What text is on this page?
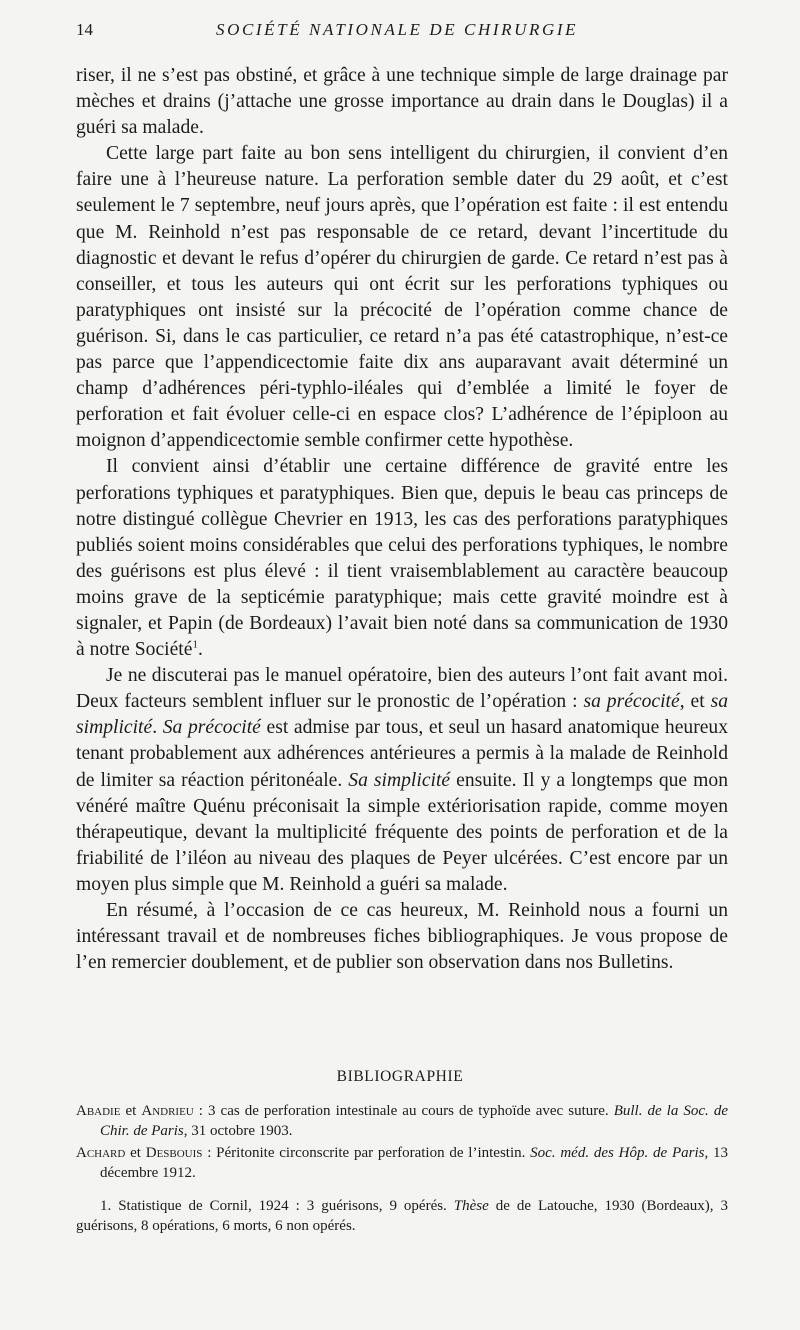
14	SOCIÉTÉ NATIONALE DE CHIRURGIE

riser, il ne s’est pas obstiné, et grâce à une technique simple de large drainage par mèches et drains (j’attache une grosse importance au drain dans le Douglas) il a guéri sa malade.

Cette large part faite au bon sens intelligent du chirurgien, il convient d’en faire une à l’heureuse nature. La perforation semble dater du 29 août, et c’est seulement le 7 septembre, neuf jours après, que l’opération est faite : il est entendu que M. Reinhold n’est pas responsable de ce retard, devant l’incertitude du diagnostic et devant le refus d’opérer du chirurgien de garde. Ce retard n’est pas à conseiller, et tous les auteurs qui ont écrit sur les perforations typhiques ou paratyphiques ont insisté sur la précocité de l’opération comme chance de guérison. Si, dans le cas particulier, ce retard n’a pas été catastrophique, n’est-ce pas parce que l’appendicectomie faite dix ans auparavant avait déterminé un champ d’adhérences péri-typhlo-iléales qui d’emblée a limité le foyer de perforation et fait évoluer celle-ci en espace clos? L’adhérence de l’épiploon au moignon d’appendicectomie semble confirmer cette hypothèse.

Il convient ainsi d’établir une certaine différence de gravité entre les perforations typhiques et paratyphiques. Bien que, depuis le beau cas princeps de notre distingué collègue Chevrier en 1913, les cas des perforations paratyphiques publiés soient moins considérables que celui des perforations typhiques, le nombre des guérisons est plus élevé : il tient vraisemblablement au caractère beaucoup moins grave de la septicémie paratyphique; mais cette gravité moindre est à signaler, et Papin (de Bordeaux) l’avait bien noté dans sa communication de 1930 à notre Société$^1$.

Je ne discuterai pas le manuel opératoire, bien des auteurs l’ont fait avant moi. Deux facteurs semblent influer sur le pronostic de l’opération : sa précocité, et sa simplicité. Sa précocité est admise par tous, et seul un hasard anatomique heureux tenant probablement aux adhérences antérieures a permis à la malade de Reinhold de limiter sa réaction péritonéale. Sa simplicité ensuite. Il y a longtemps que mon vénéré maître Quénu préconisait la simple extériorisation rapide, comme moyen thérapeutique, devant la multiplicité fréquente des points de perforation et de la friabilité de l’iléon au niveau des plaques de Peyer ulcérées. C’est encore par un moyen plus simple que M. Reinhold a guéri sa malade.

En résumé, à l’occasion de ce cas heureux, M. Reinhold nous a fourni un intéressant travail et de nombreuses fiches bibliographiques. Je vous propose de l’en remercier doublement, et de publier son observation dans nos Bulletins.

BIBLIOGRAPHIE
Abadie et Andrieu : 3 cas de perforation intestinale au cours de typhoïde avec suture. Bull. de la Soc. de Chir. de Paris, 31 octobre 1903.
Achard et Desbouis : Péritonite circonscrite par perforation de l’intestin. Soc. méd. des Hôp. de Paris, 13 décembre 1912.
1. Statistique de Cornil, 1924 : 3 guérisons, 9 opérés. Thèse de de Latouche, 1930 (Bordeaux), 3 guérisons, 8 opérations, 6 morts, 6 non opérés.
